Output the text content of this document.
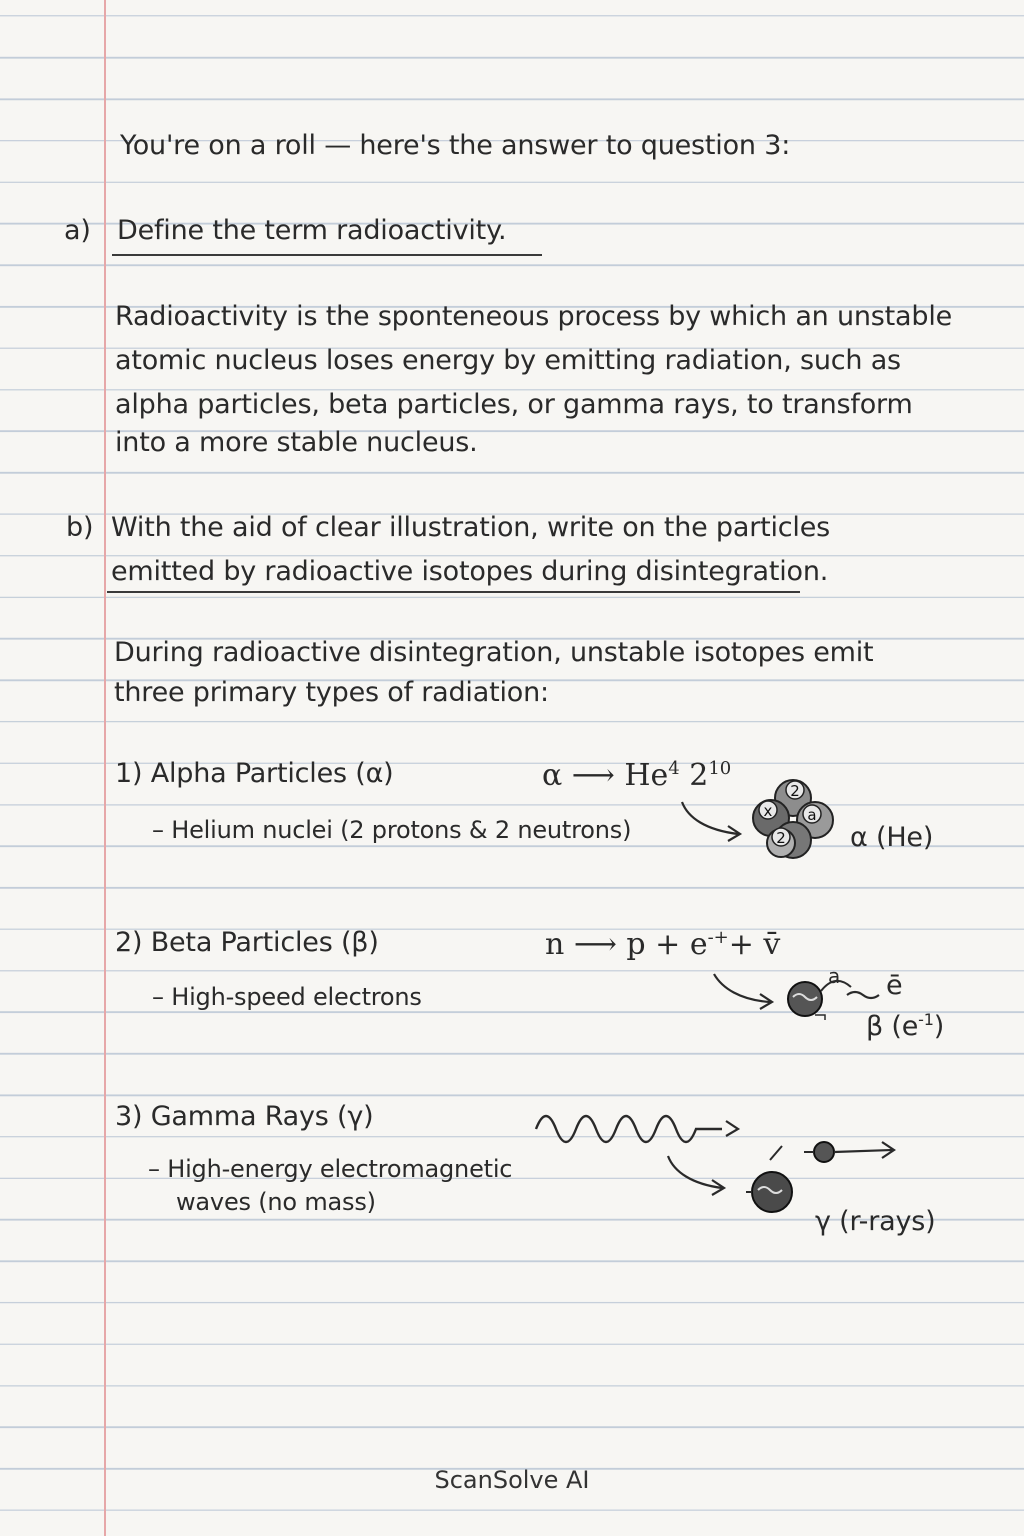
You're on a roll — here's the answer to question 3:
a) Define the term radioactivity.
Radioactivity is the sponteneous process by which an unstable
atomic nucleus loses energy by emitting radiation, such as
alpha particles, beta particles, or gamma rays, to transform
into a more stable nucleus.
b) With the aid of clear illustration, write on the particles
emitted by radioactive isotopes during disintegration.
During radioactive disintegration, unstable isotopes emit
three primary types of radiation:
1) Alpha Particles (α)
– Helium nuclei (2 protons & 2 neutrons)
α ⟶ He$^4$ $2^{10}$
2
x a
2 α (He)
2) Beta Particles (β)
– High-speed electrons
n ⟶ p + e-++ v̄
a ē
β $(e^{-1})$
3) Gamma Rays (γ)
– High-energy electromagnetic
waves (no mass)
γ (r-rays)
ScanSolve AI
